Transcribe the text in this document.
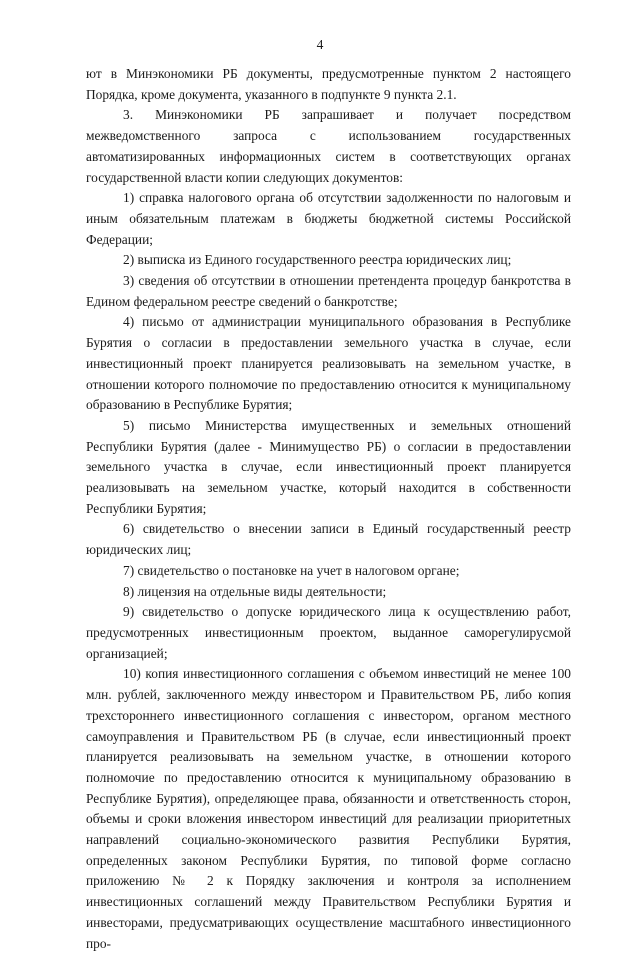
4

ют в Минэкономики РБ документы, предусмотренные пунктом 2 настоящего Порядка, кроме документа, указанного в подпункте 9 пункта 2.1.

3. Минэкономики РБ запрашивает и получает посредством межведомственного запроса с использованием государственных автоматизированных информационных систем в соответствующих органах государственной власти копии следующих документов:

1) справка налогового органа об отсутствии задолженности по налоговым и иным обязательным платежам в бюджеты бюджетной системы Российской Федерации;

2) выписка из Единого государственного реестра юридических лиц;

3) сведения об отсутствии в отношении претендента процедур банкротства в Едином федеральном реестре сведений о банкротстве;

4) письмо от администрации муниципального образования в Республике Бурятия о согласии в предоставлении земельного участка в случае, если инвестиционный проект планируется реализовывать на земельном участке, в отношении которого полномочие по предоставлению относится к муниципальному образованию в Республике Бурятия;

5) письмо Министерства имущественных и земельных отношений Республики Бурятия (далее - Минимущество РБ) о согласии в предоставлении земельного участка в случае, если инвестиционный проект планируется реализовывать на земельном участке, который находится в собственности Республики Бурятия;

6) свидетельство о внесении записи в Единый государственный реестр юридических лиц;

7) свидетельство о постановке на учет в налоговом органе;

8) лицензия на отдельные виды деятельности;

9) свидетельство о допуске юридического лица к осуществлению работ, предусмотренных инвестиционным проектом, выданное саморегулирусмой организацией;

10) копия инвестиционного соглашения с объемом инвестиций не менее 100 млн. рублей, заключенного между инвестором и Правительством РБ, либо копия трехстороннего инвестиционного соглашения с инвестором, органом местного самоуправления и Правительством РБ (в случае, если инвестиционный проект планируется реализовывать на земельном участке, в отношении которого полномочие по предоставлению относится к муниципальному образованию в Республике Бурятия), определяющее права, обязанности и ответственность сторон, объемы и сроки вложения инвестором инвестиций для реализации приоритетных направлений социально-экономического развития Республики Бурятия, определенных законом Республики Бурятия, по типовой форме согласно приложению № 2 к Порядку заключения и контроля за исполнением инвестиционных соглашений между Правительством Республики Бурятия и инвесторами, предусматривающих осуществление масштабного инвестиционного про-
